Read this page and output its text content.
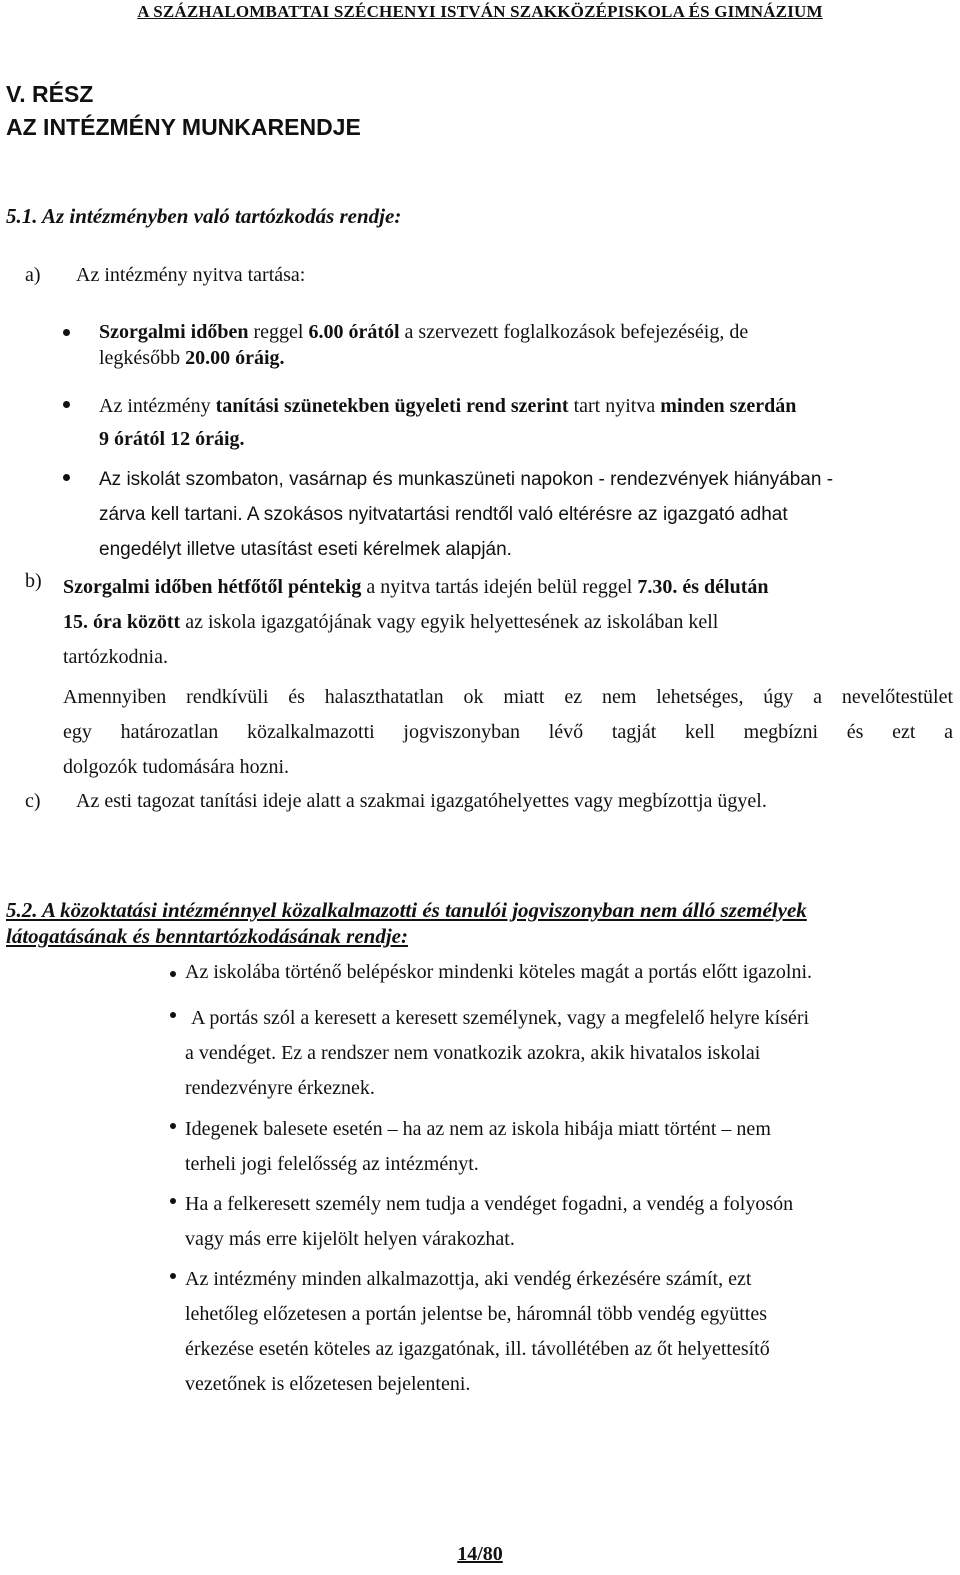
A SZÁZHALOMBATTAI SZÉCHENYI ISTVÁN SZAKKÖZÉPISKOLA ÉS GIMNÁZIUM
V. RÉSZ
AZ INTÉZMÉNY MUNKARENDJE
5.1. Az intézményben való tartózkodás rendje:
a) Az intézmény nyitva tartása:
Szorgalmi időben reggel 6.00 órától a szervezett foglalkozások befejezéséig, de
legkésőbb 20.00 óráig.
Az intézmény tanítási szünetekben ügyeleti rend szerint tart nyitva minden szerdán
9 órától 12 óráig.
Az iskolát szombaton, vasárnap és munkaszüneti napokon - rendezvények hiányában -
zárva kell tartani. A szokásos nyitvatartási rendtől való eltérésre az igazgató adhat
engedélyt illetve utasítást eseti kérelmek alapján.
b) Szorgalmi időben hétfőtől péntekig a nyitva tartás idején belül reggel 7.30. és délután
15. óra között az iskola igazgatójának vagy egyik helyettesének az iskolában kell
tartózkodnia.
Amennyiben rendkívüli és halaszthatatlan ok miatt ez nem lehetséges, úgy a nevelőtestület
egy határozatlan közalkalmazotti jogviszonyban lévő tagját kell megbízni és ezt a
dolgozók tudomására hozni.
c) Az esti tagozat tanítási ideje alatt a szakmai igazgatóhelyettes vagy megbízottja ügyel.
5.2. A közoktatási intézménnyel közalkalmazotti és tanulói jogviszonyban nem álló személyek
látogatásának és benntartózkodásának rendje:
Az iskolába történő belépéskor mindenki köteles magát a portás előtt igazolni.
A portás szól a keresett a keresett személynek, vagy a megfelelő helyre kíséri
a vendéget. Ez a rendszer nem vonatkozik azokra, akik hivatalos iskolai
rendezvényre érkeznek.
Idegenek balesete esetén – ha az nem az iskola hibája miatt történt – nem
terheli jogi felelősség az intézményt.
Ha a felkeresett személy nem tudja a vendéget fogadni, a vendég a folyosón
vagy más erre kijelölt helyen várakozhat.
Az intézmény minden alkalmazottja, aki vendég érkezésére számít, ezt
lehetőleg előzetesen a portán jelentse be, háromnál több vendég együttes
érkezése esetén köteles az igazgatónak, ill. távollétében az őt helyettesítő
vezetőnek is előzetesen bejelenteni.
14/80
